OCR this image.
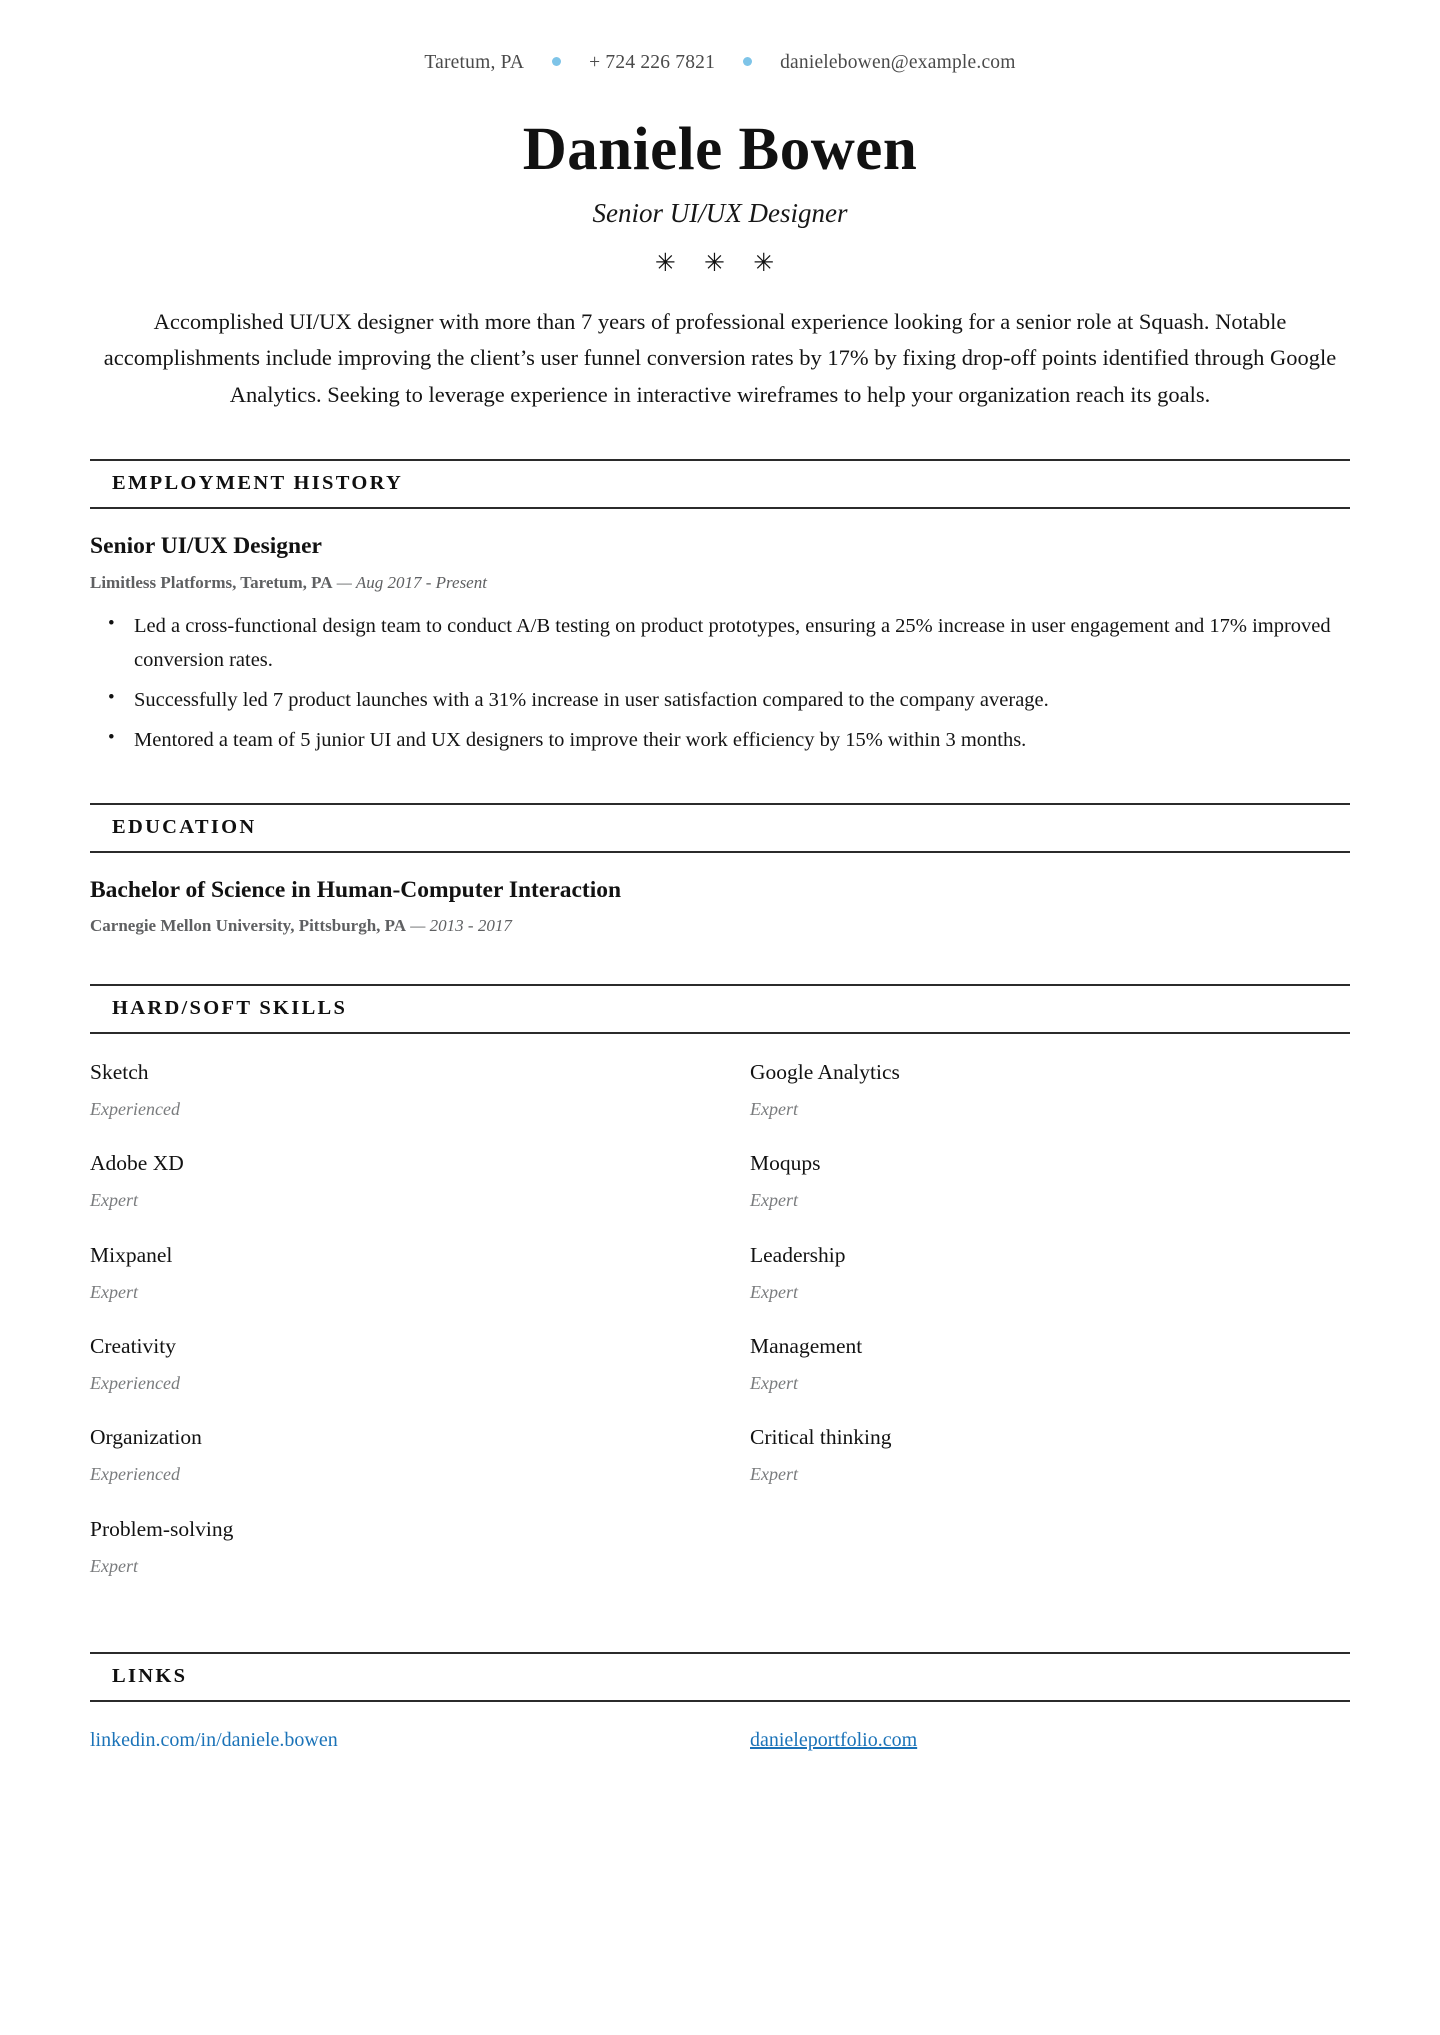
Taretum, PA	+ 724 226 7821	danielebowen@example.com
Daniele Bowen
Senior UI/UX Designer
✳ ✳ ✳
Accomplished UI/UX designer with more than 7 years of professional experience looking for a senior role at Squash. Notable accomplishments include improving the client’s user funnel conversion rates by 17% by fixing drop-off points identified through Google Analytics. Seeking to leverage experience in interactive wireframes to help your organization reach its goals.
EMPLOYMENT HISTORY
Senior UI/UX Designer
Limitless Platforms, Taretum, PA — Aug 2017 - Present
• Led a cross-functional design team to conduct A/B testing on product prototypes, ensuring a 25% increase in user engagement and 17% improved conversion rates.
• Successfully led 7 product launches with a 31% increase in user satisfaction compared to the company average.
• Mentored a team of 5 junior UI and UX designers to improve their work efficiency by 15% within 3 months.
EDUCATION
Bachelor of Science in Human-Computer Interaction
Carnegie Mellon University, Pittsburgh, PA — 2013 - 2017
HARD/SOFT SKILLS
Sketch
Experienced
Google Analytics
Expert
Adobe XD
Expert
Moqups
Expert
Mixpanel
Expert
Leadership
Expert
Creativity
Experienced
Management
Expert
Organization
Experienced
Critical thinking
Expert
Problem-solving
Expert
LINKS
linkedin.com/in/daniele.bowen	danieleportfolio.com
